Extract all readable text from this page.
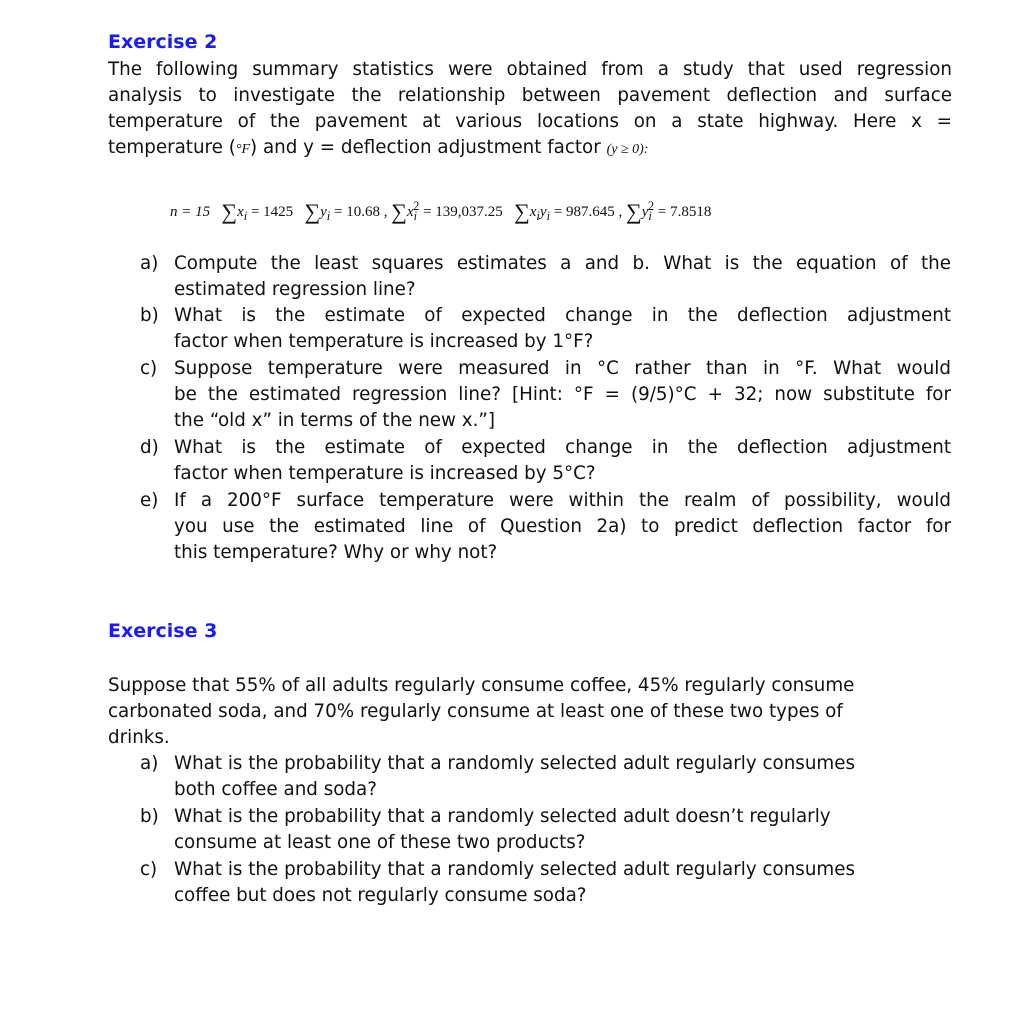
Exercise 2
The following summary statistics were obtained from a study that used regression
analysis to investigate the relationship between pavement deflection and surface
temperature of the pavement at various locations on a state highway. Here x =
temperature (°F) and y = deflection adjustment factor (y ≥ 0):
n = 15 $\sum x_i = 1425$ $\sum y_i = 10.68$ , $\sum x_i^2 = 139,037.25$ $\sum x_iy_i = 987.645$ , $\sum y_i^2 = 7.8518$
a) Compute the least squares estimates a and b. What is the equation of the
estimated regression line?
b) What is the estimate of expected change in the deflection adjustment
factor when temperature is increased by 1°F?
c) Suppose temperature were measured in °C rather than in °F. What would
be the estimated regression line? [Hint: °F = (9/5)°C + 32; now substitute for
the “old x” in terms of the new x.”]
d) What is the estimate of expected change in the deflection adjustment
factor when temperature is increased by 5°C?
e) If a 200°F surface temperature were within the realm of possibility, would
you use the estimated line of Question 2a) to predict deflection factor for
this temperature? Why or why not?
Exercise 3
Suppose that 55% of all adults regularly consume coffee, 45% regularly consume
carbonated soda, and 70% regularly consume at least one of these two types of
drinks.
a) What is the probability that a randomly selected adult regularly consumes
both coffee and soda?
b) What is the probability that a randomly selected adult doesn’t regularly
consume at least one of these two products?
c) What is the probability that a randomly selected adult regularly consumes
coffee but does not regularly consume soda?
